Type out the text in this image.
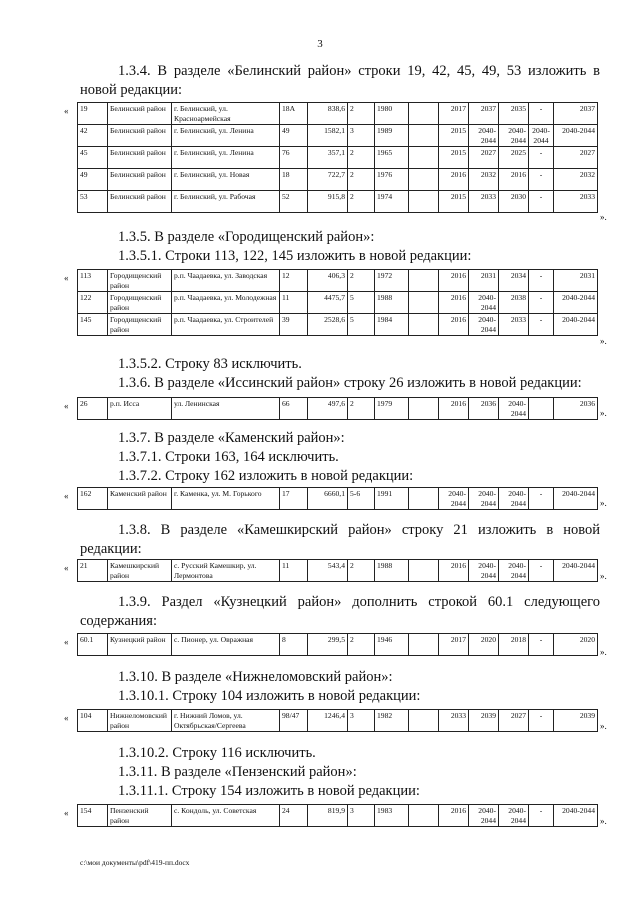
3
1.3.4. В разделе «Белинский район» строки 19, 42, 45, 49, 53 изложить в новой редакции:
« 19	Белинский район	г. Белинский, ул. Красноармейская	18А	838,6	2	1980		2017	2037	2035	-	2037
42	Белинский район	г. Белинский, ул. Ленина	49	1582,1	3	1989		2015	2040-2044	2040-2044	2040-2044	2040-2044
45	Белинский район	г. Белинский, ул. Ленина	76	357,1	2	1965		2015	2027	2025	-	2027
49	Белинский район	г. Белинский, ул. Новая	18	722,7	2	1976		2016	2032	2016	-	2032
53	Белинский район	г. Белинский, ул. Рабочая	52	915,8	2	1974		2015	2033	2030	-	2033
».
1.3.5. В разделе «Городищенский район»:
1.3.5.1. Строки 113, 122, 145 изложить в новой редакции:
« 113	Городищенский район	р.п. Чаадаевка, ул. Заводская	12	406,3	2	1972		2016	2031	2034	-	2031
122	Городищенский район	р.п. Чаадаевка, ул. Молодежная	11	4475,7	5	1988		2016	2040-2044	2038	-	2040-2044
145	Городищенский район	р.п. Чаадаевка, ул. Строителей	39	2528,6	5	1984		2016	2040-2044	2033	-	2040-2044
».
1.3.5.2. Строку 83 исключить.
1.3.6. В разделе «Иссинский район» строку 26 изложить в новой редакции:
« 26	р.п. Исса	ул. Ленинская	66	497,6	2	1979		2016	2036	2040-2044		2036
».
1.3.7. В разделе «Каменский район»:
1.3.7.1. Строки 163, 164 исключить.
1.3.7.2. Строку 162 изложить в новой редакции:
« 162	Каменский район	г. Каменка, ул. М. Горького	17	6660,1	5-6	1991		2040-2044	2040-2044	2040-2044	-	2040-2044
».
1.3.8. В разделе «Камешкирский район» строку 21 изложить в новой редакции:
« 21	Камешкирский район	с. Русский Камешкир, ул. Лермонтова	11	543,4	2	1988		2016	2040-2044	2040-2044	-	2040-2044
».
1.3.9. Раздел «Кузнецкий район» дополнить строкой 60.1 следующего содержания:
« 60.1	Кузнецкий район	с. Пионер, ул. Овражная	8	299,5	2	1946		2017	2020	2018	-	2020
».
1.3.10. В разделе «Нижнеломовский район»:
1.3.10.1. Строку 104 изложить в новой редакции:
« 104	Нижнеломовский район	г. Нижний Ломов, ул. Октябрьская/Сергеева	98/47	1246,4	3	1982		2033	2039	2027	-	2039
».
1.3.10.2. Строку 116 исключить.
1.3.11. В разделе «Пензенский район»:
1.3.11.1. Строку 154 изложить в новой редакции:
« 154	Пензенский район	с. Кондоль, ул. Советская	24	819,9	3	1983		2016	2040-2044	2040-2044	-	2040-2044
».
c:\мои документы\pdf\419-пп.docx
